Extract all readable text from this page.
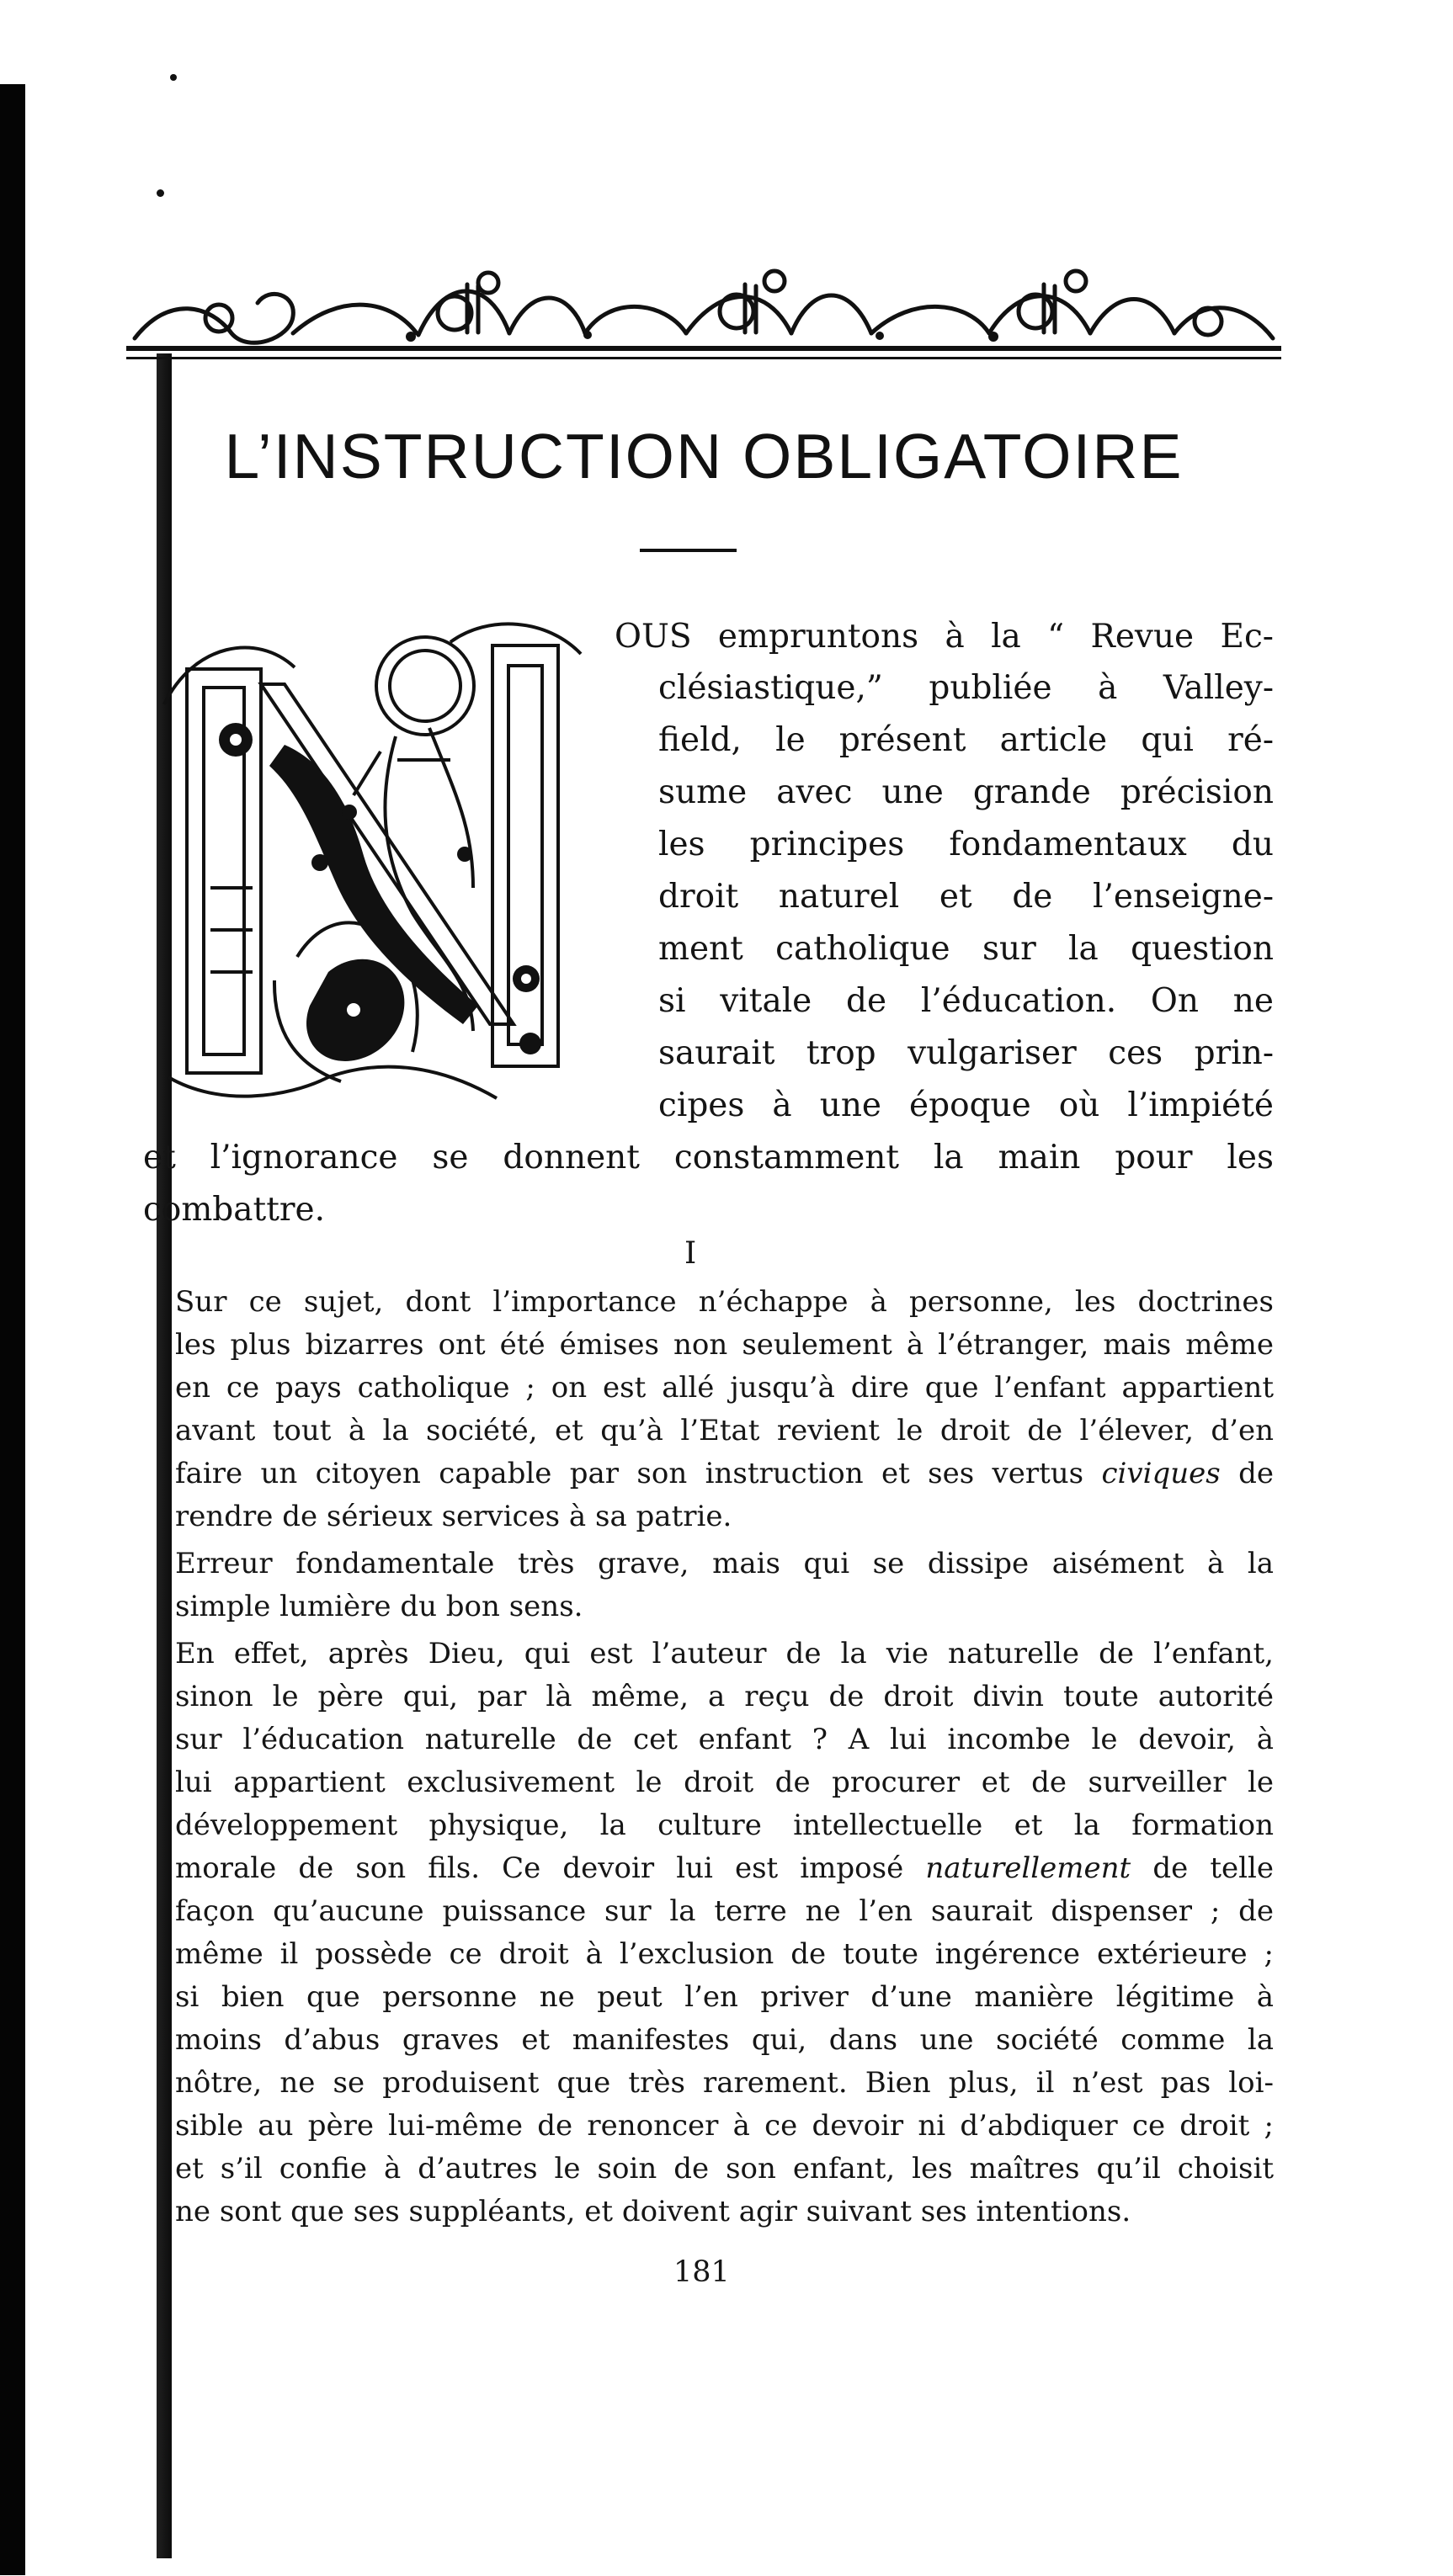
L’INSTRUCTION OBLIGATOIRE
N
OUS empruntons à la “ Revue Ec-
clésiastique,” publiée à Valley-
field, le présent article qui ré-
sume avec une grande précision
les principes fondamentaux du
droit naturel et de l’enseigne-
ment catholique sur la question
si vitale de l’éducation. On ne
saurait trop vulgariser ces prin-
cipes à une époque où l’impiété
et l’ignorance se donnent constamment la main pour les
combattre.
I
Sur ce sujet, dont l’importance n’échappe à personne, les doctrines
les plus bizarres ont été émises non seulement à l’étranger, mais même
en ce pays catholique ; on est allé jusqu’à dire que l’enfant appartient
avant tout à la société, et qu’à l’Etat revient le droit de l’élever, d’en
faire un citoyen capable par son instruction et ses vertus civiques de
rendre de sérieux services à sa patrie.
Erreur fondamentale très grave, mais qui se dissipe aisément à la
simple lumière du bon sens.
En effet, après Dieu, qui est l’auteur de la vie naturelle de l’enfant,
sinon le père qui, par là même, a reçu de droit divin toute autorité
sur l’éducation naturelle de cet enfant ? A lui incombe le devoir, à
lui appartient exclusivement le droit de procurer et de surveiller le
développement physique, la culture intellectuelle et la formation
morale de son fils. Ce devoir lui est imposé naturellement de telle
façon qu’aucune puissance sur la terre ne l’en saurait dispenser ; de
même il possède ce droit à l’exclusion de toute ingérence extérieure ;
si bien que personne ne peut l’en priver d’une manière légitime à
moins d’abus graves et manifestes qui, dans une société comme la
nôtre, ne se produisent que très rarement. Bien plus, il n’est pas loi-
sible au père lui-même de renoncer à ce devoir ni d’abdiquer ce droit ;
et s’il confie à d’autres le soin de son enfant, les maîtres qu’il choisit
ne sont que ses suppléants, et doivent agir suivant ses intentions.
181
